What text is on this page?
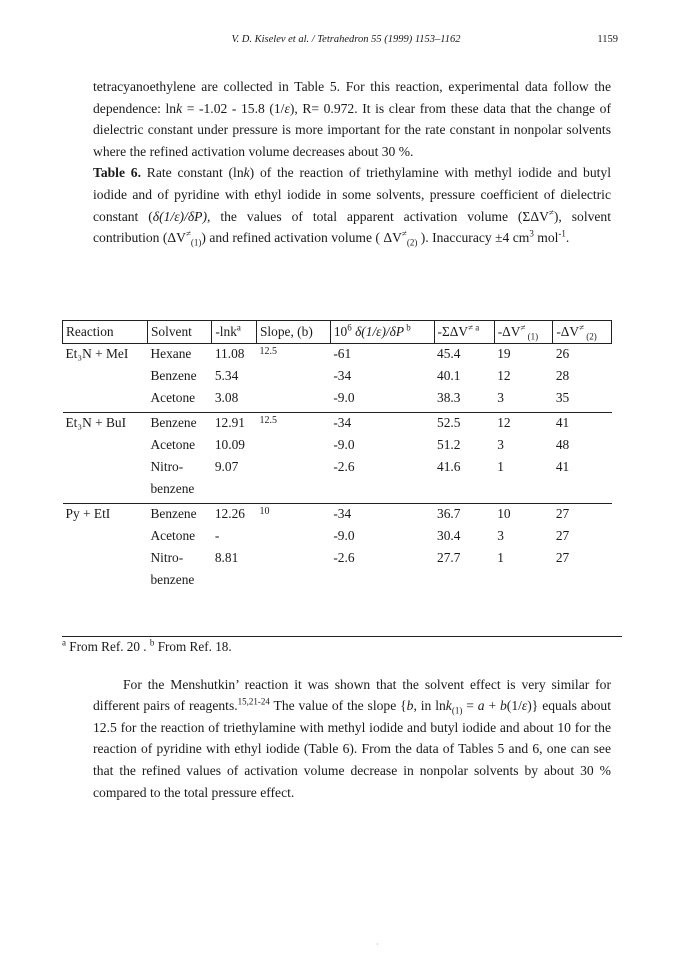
V. D. Kiselev et al. / Tetrahedron 55 (1999) 1153–1162	1159

tetracyanoethylene are collected in Table 5. For this reaction, experimental data follow the dependence: lnk = -1.02 - 15.8 (1/ε), R= 0.972. It is clear from these data that the change of dielectric constant under pressure is more important for the rate constant in nonpolar solvents where the refined activation volume decreases about 30 %.

Table 6. Rate constant (lnk) of the reaction of triethylamine with methyl iodide and butyl iodide and of pyridine with ethyl iodide in some solvents, pressure coefficient of dielectric constant (δ(1/ε)/δP), the values of total apparent activation volume (ΣΔV≠), solvent contribution $(\Delta V^\ne_{(1)})$ and refined activation volume ( $\Delta V^\ne_{(2)}$ ). Inaccuracy ±4 $cm^3$ mol$^{-1}$.

Reaction	Solvent	-lnk$^a$	Slope, (b)	$10^6$ δ(1/ε)/δP $^b$	$-\Sigma\Delta V^{\ne a}$	-ΔV≠ $_{(1)}$	-ΔV≠ $_{(2)}$
Et₃N + MeI	Hexane	11.08	12.5	-61	45.4	19	26
	Benzene	5.34		-34	40.1	12	28
	Acetone	3.08		-9.0	38.3	3	35
Et₃N + BuI	Benzene	12.91	12.5	-34	52.5	12	41
	Acetone	10.09		-9.0	51.2	3	48
	Nitro-	9.07		-2.6	41.6	1	41
	benzene						
Py + EtI	Benzene	12.26	10	-34	36.7	10	27
	Acetone	-		-9.0	30.4	3	27
	Nitro-	8.81		-2.6	27.7	1	27
	benzene						
$^a$ From Ref. 20 . $^b$ From Ref. 18.

For the Menshutkin’ reaction it was shown that the solvent effect is very similar for different pairs of reagents.$^{15,21-24}$ The value of the slope {b, in lnk$_{(1)}$ = a + b(1/ε)} equals about 12.5 for the reaction of triethylamine with methyl iodide and butyl iodide and about 10 for the reaction of pyridine with ethyl iodide (Table 6). From the data of Tables 5 and 6, one can see that the refined values of activation volume decrease in nonpolar solvents by about 30 % compared to the total pressure effect.

·
